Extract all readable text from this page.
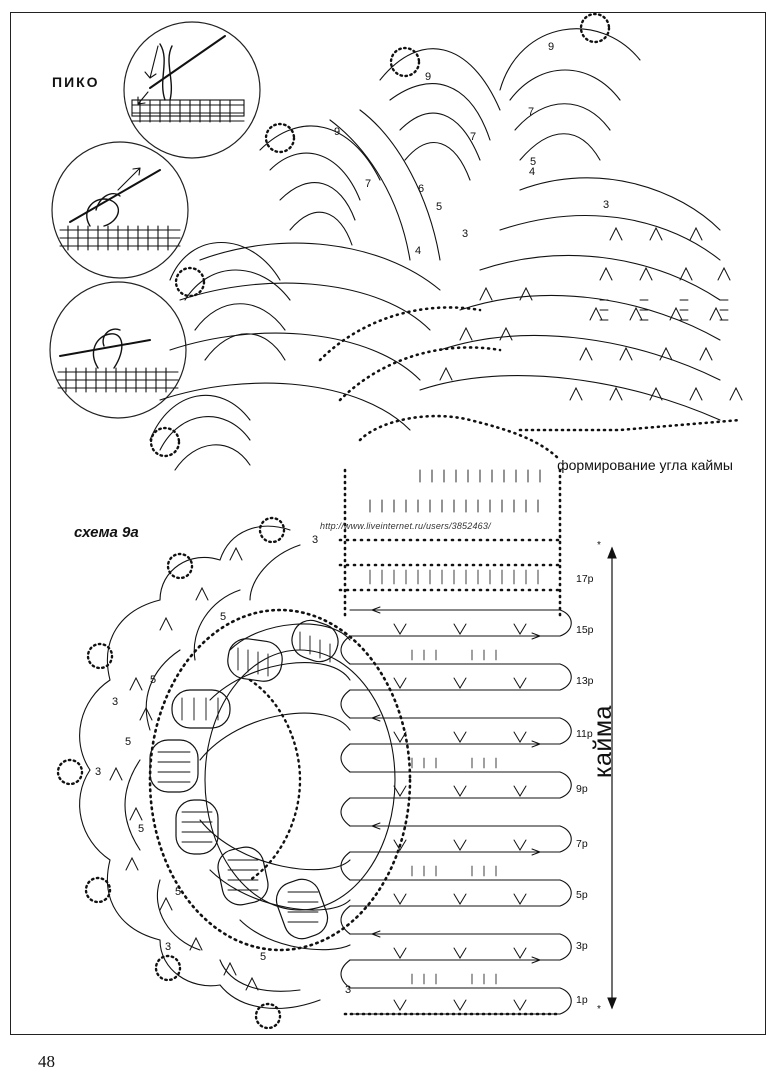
9
9
9
7
7
7	6
5
5
4
4
3
3
3
3
3
3
3
5
5
5
5
5
5
ПИКО
формирование угла каймы
схема 9а	http://www.liveinternet.ru/users/3852463/
кайма
48
*
*
1р
3р
5р
7р
9р
11р
13р
15р
17р
